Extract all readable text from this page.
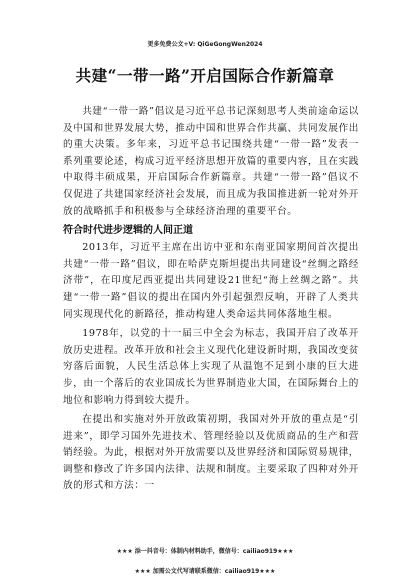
更多免费公文+V: QiGeGongWen2024
共建“一带一路”开启国际合作新篇章

共建“一带一路”倡议是习近平总书记深刻思考人类前途命运以及中国和世界发展大势，推动中国和世界合作共赢、共同发展作出的重大决策。多年来，习近平总书记围绕共建“一带一路”发表一系列重要论述，构成习近平经济思想开放篇的重要内容，且在实践中取得丰硕成果，开启国际合作新篇章。共建“一带一路”倡议不仅促进了共建国家经济社会发展，而且成为我国推进新一轮对外开放的战略抓手和积极参与全球经济治理的重要平台。

符合时代进步逻辑的人间正道

2013年，习近平主席在出访中亚和东南亚国家期间首次提出共建“一带一路”倡议，即在哈萨克斯坦提出共同建设“丝绸之路经济带”，在印度尼西亚提出共同建设21世纪“海上丝绸之路”。共建“一带一路”倡议的提出在国内外引起强烈反响，开辟了人类共同实现现代化的新路径，推动构建人类命运共同体落地生根。

1978年，以党的十一届三中全会为标志，我国开启了改革开放历史进程。改革开放和社会主义现代化建设新时期，我国改变贫穷落后面貌，人民生活总体上实现了从温饱不足到小康的巨大进步，由一个落后的农业国成长为世界制造业大国，在国际舞台上的地位和影响力得到较大提升。

在提出和实施对外开放政策初期，我国对外开放的重点是“引进来”，即学习国外先进技术、管理经验以及优质商品的生产和营销经验。为此，根据对外开放需要以及世界经济和国际贸易规律，调整和修改了许多国内法律、法规和制度。主要采取了四种对外开放的形式和方法：一

★★★ 添一抖音号：体制内材料助手，微信号：cailiao919★★★
★★★ 加需公文代写请联系微信：cailiao919★★★
